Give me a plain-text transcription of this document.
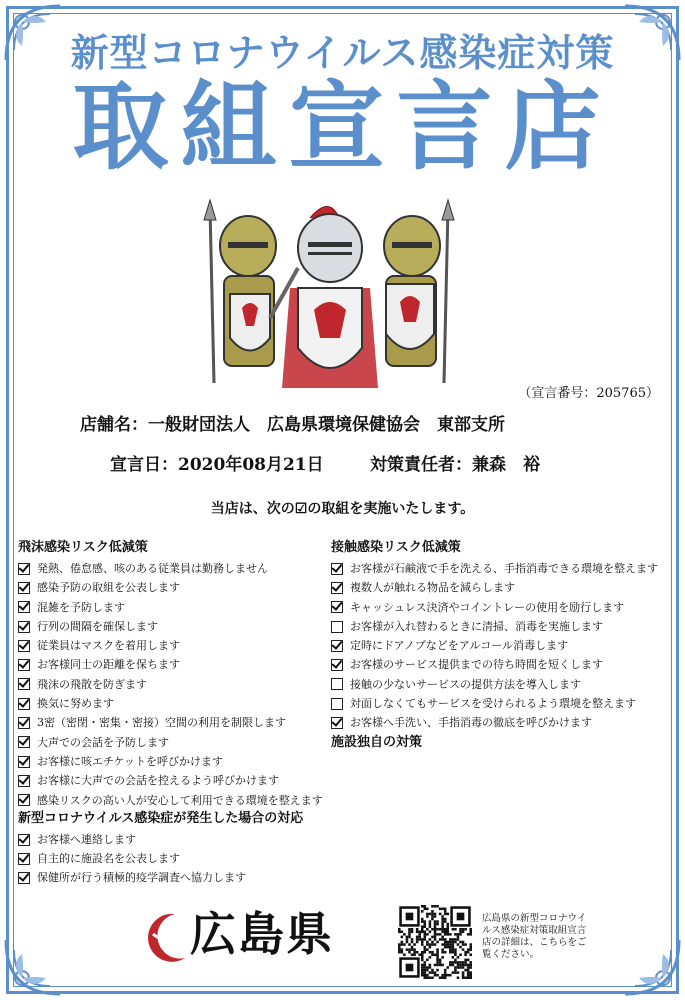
新型コロナウイルス感染症対策
取組宣言店
（宣言番号：205765）
店舗名：一般財団法人　広島県環境保健協会　東部支所
宣言日：2020年08月21日	対策責任者：兼森　裕
当店は、次の☑の取組を実施いたします。
飛沫感染リスク低減策
発熱、倦怠感、咳のある従業員は勤務しません
感染予防の取組を公表します
混雑を予防します
行列の間隔を確保します
従業員はマスクを着用します
お客様同士の距離を保ちます
飛沫の飛散を防ぎます
換気に努めます
3密（密閉・密集・密接）空間の利用を制限します
大声での会話を予防します
お客様に咳エチケットを呼びかけます
お客様に大声での会話を控えるよう呼びかけます
感染リスクの高い人が安心して利用できる環境を整えます
新型コロナウイルス感染症が発生した場合の対応
お客様へ連絡します
自主的に施設名を公表します
保健所が行う積極的疫学調査へ協力します
接触感染リスク低減策
お客様が石鹸液で手を洗える、手指消毒できる環境を整えます
複数人が触れる物品を減らします
キャッシュレス決済やコイントレーの使用を励行します
お客様が入れ替わるときに清掃、消毒を実施します
定時にドアノブなどをアルコール消毒します
お客様のサービス提供までの待ち時間を短くします
接触の少ないサービスの提供方法を導入します
対面しなくてもサービスを受けられるよう環境を整えます
お客様へ手洗い、手指消毒の徹底を呼びかけます
施設独自の対策
広島県	広島県の新型コロナウイルス感染症対策取組宣言店の詳細は、こちらをご覧ください。
